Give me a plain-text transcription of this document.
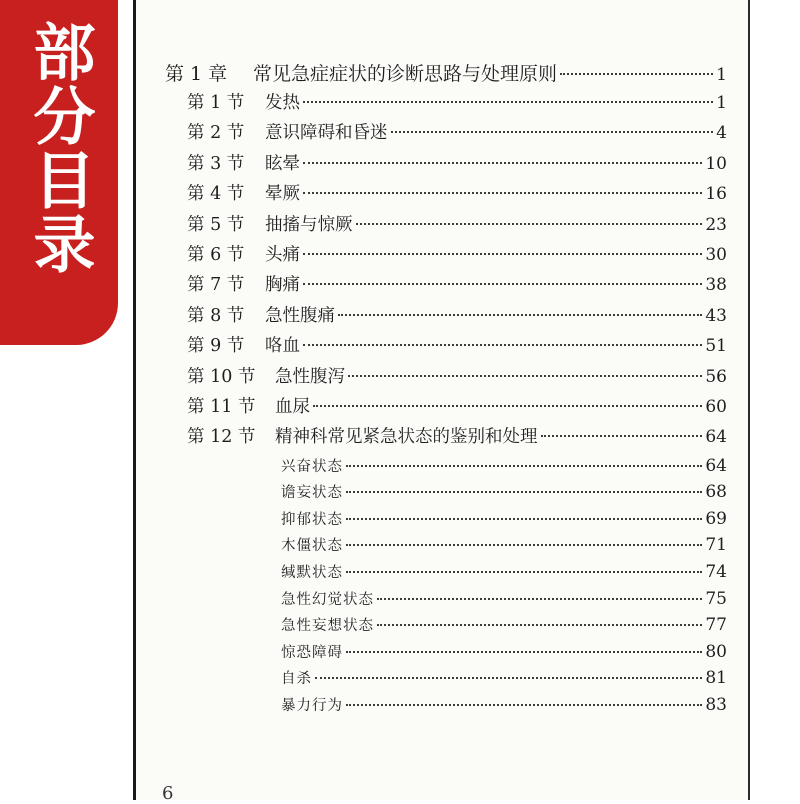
部分目录	第 1 章	常见急症症状的诊断思路与处理原则	1
第 1 节	发热	1
第 2 节	意识障碍和昏迷	4
第 3 节	眩晕	10
第 4 节	晕厥	16
第 5 节	抽搐与惊厥	23
第 6 节	头痛	30
第 7 节	胸痛	38
第 8 节	急性腹痛	43
第 9 节	咯血	51
第 10 节	急性腹泻	56
第 11 节	血尿	60
第 12 节	精神科常见紧急状态的鉴别和处理	64
兴奋状态	64
谵妄状态	68
抑郁状态	69
木僵状态	71
缄默状态	74
急性幻觉状态	75
急性妄想状态	77
惊恐障碍	80
自杀	81
暴力行为	83
6
